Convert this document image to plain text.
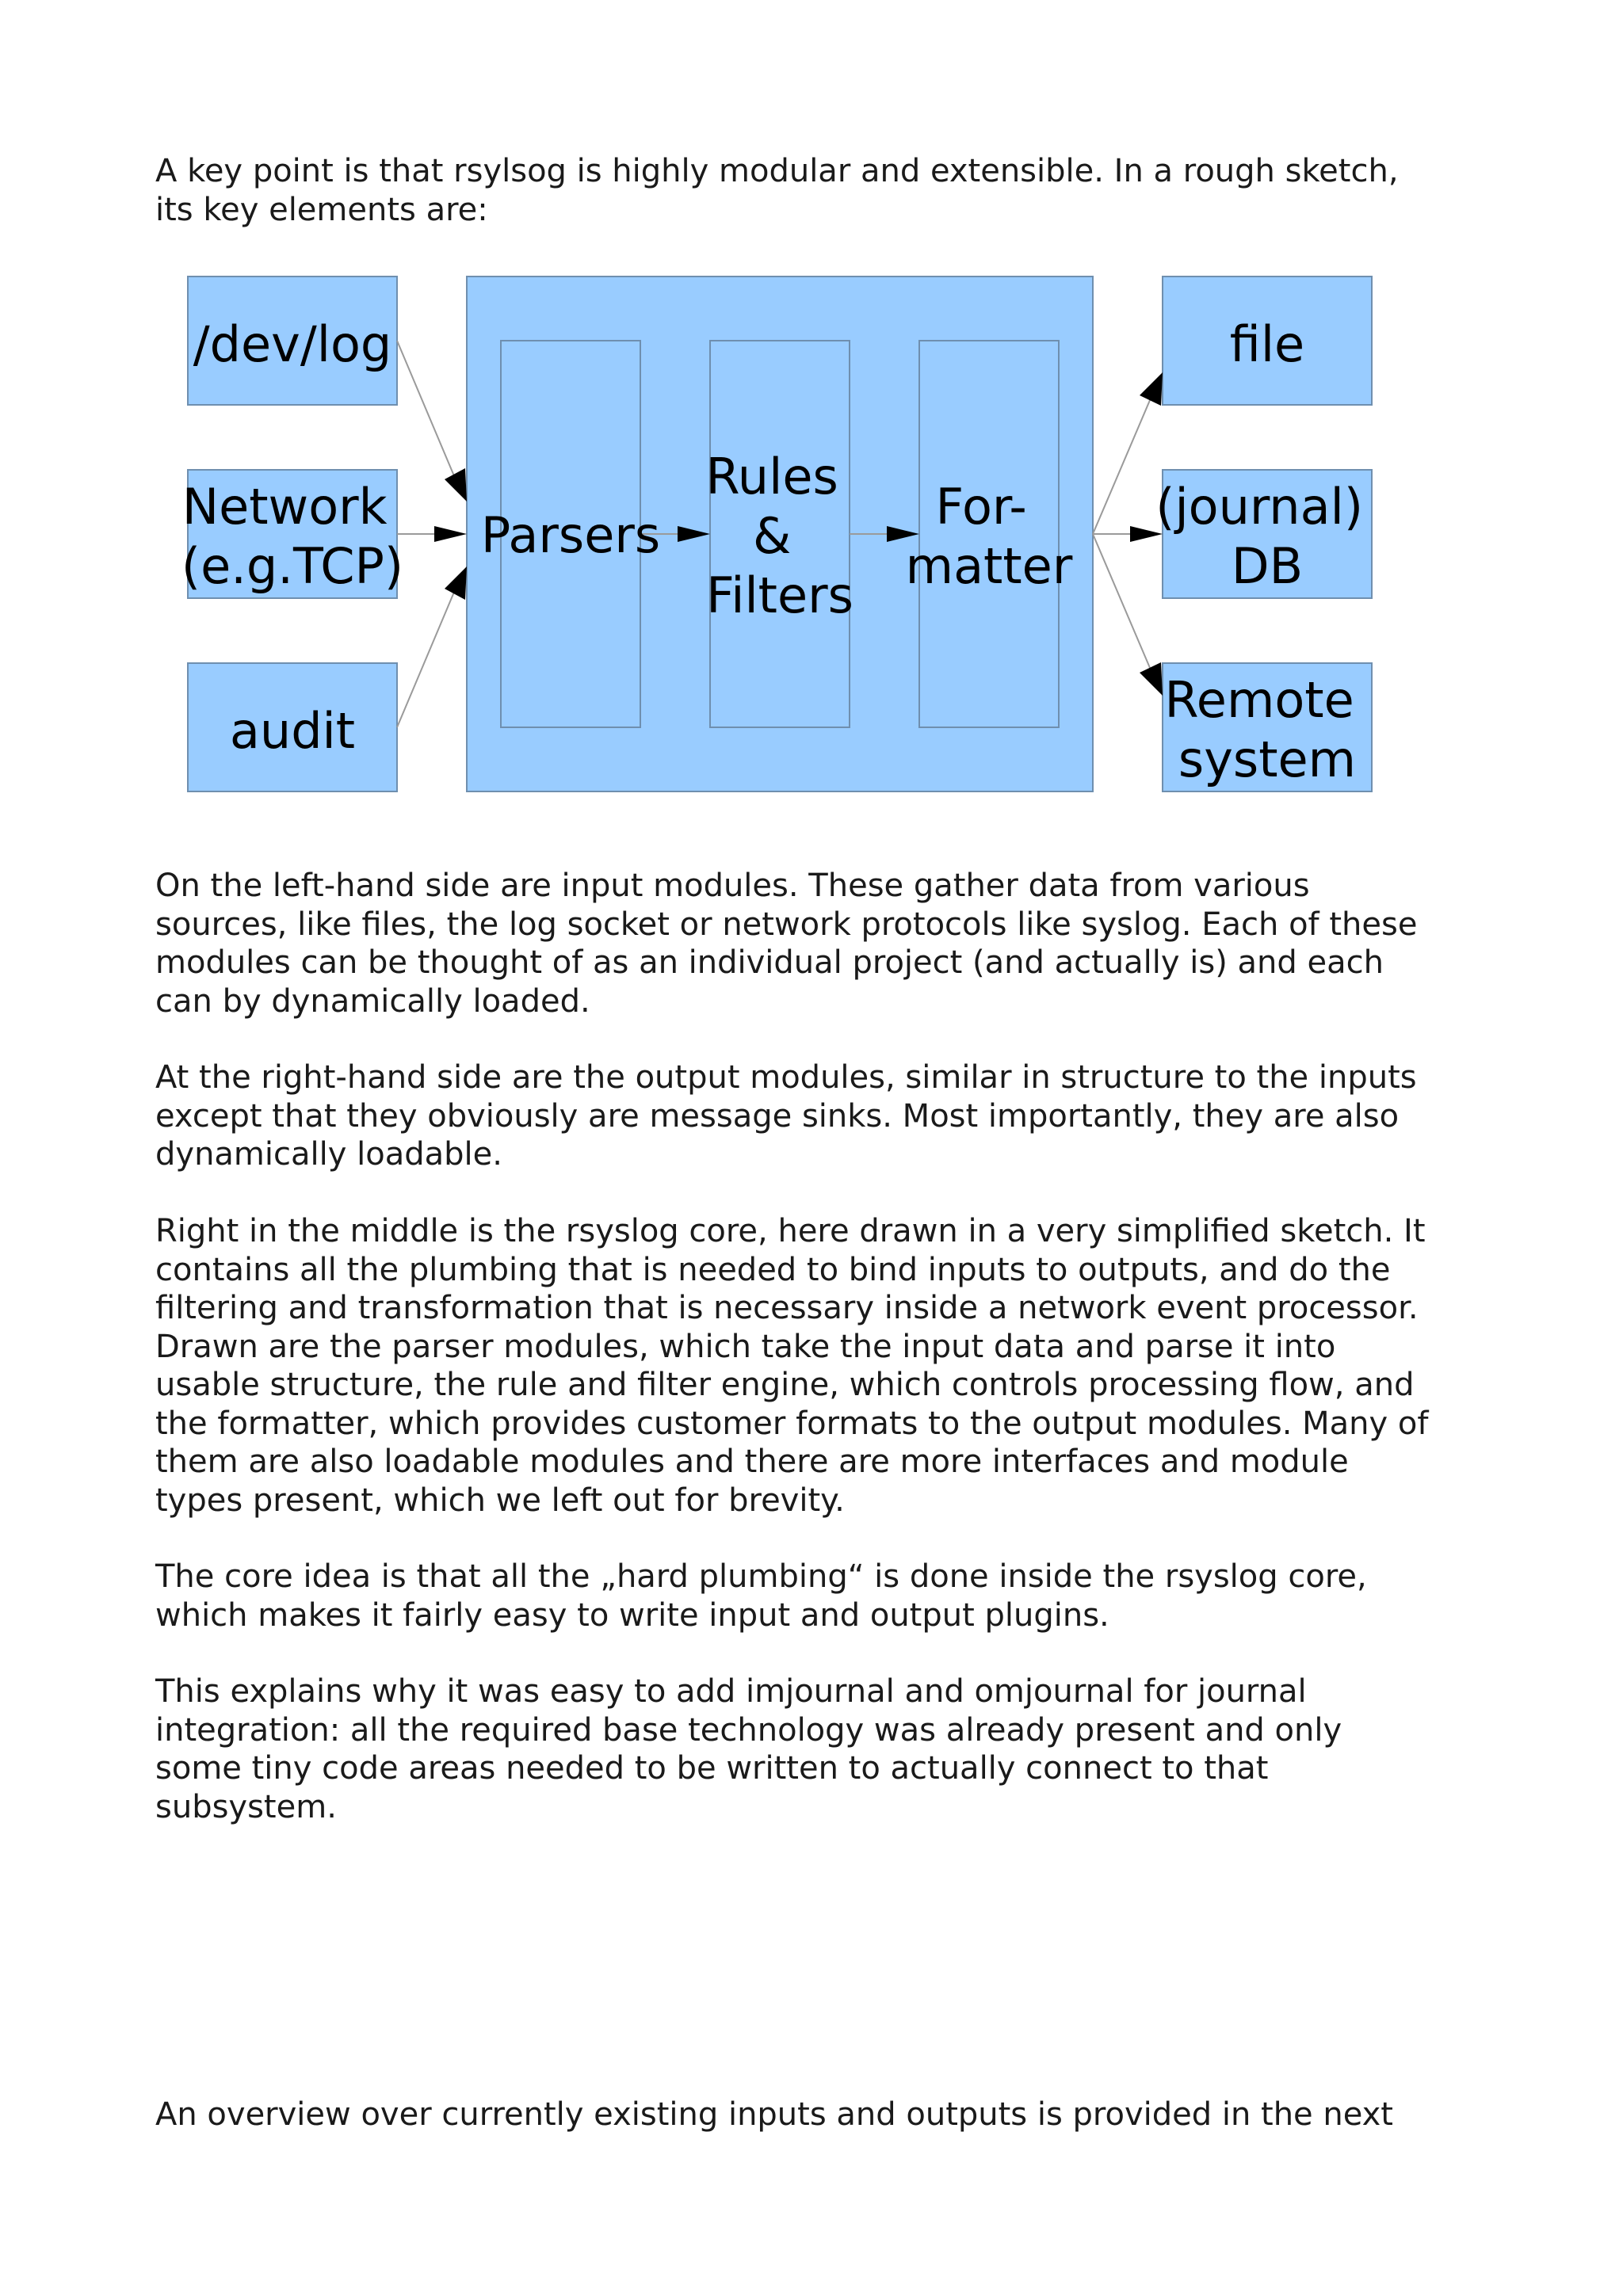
A key point is that rsylsog is highly modular and extensible. In a rough sketch,
its key elements are:

/dev/log
Network (e.g.TCP)
audit
Parsers
Rules & Filters
For- matter
file
(journal) DB
Remote system

On the left-hand side are input modules. These gather data from various
sources, like files, the log socket or network protocols like syslog. Each of these
modules can be thought of as an individual project (and actually is) and each
can by dynamically loaded.

At the right-hand side are the output modules, similar in structure to the inputs
except that they obviously are message sinks. Most importantly, they are also
dynamically loadable.

Right in the middle is the rsyslog core, here drawn in a very simplified sketch. It
contains all the plumbing that is needed to bind inputs to outputs, and do the
filtering and transformation that is necessary inside a network event processor.
Drawn are the parser modules, which take the input data and parse it into
usable structure, the rule and filter engine, which controls processing flow, and
the formatter, which provides customer formats to the output modules. Many of
them are also loadable modules and there are more interfaces and module
types present, which we left out for brevity.

The core idea is that all the „hard plumbing“ is done inside the rsyslog core,
which makes it fairly easy to write input and output plugins.

This explains why it was easy to add imjournal and omjournal for journal
integration: all the required base technology was already present and only
some tiny code areas needed to be written to actually connect to that
subsystem.

An overview over currently existing inputs and outputs is provided in the next
